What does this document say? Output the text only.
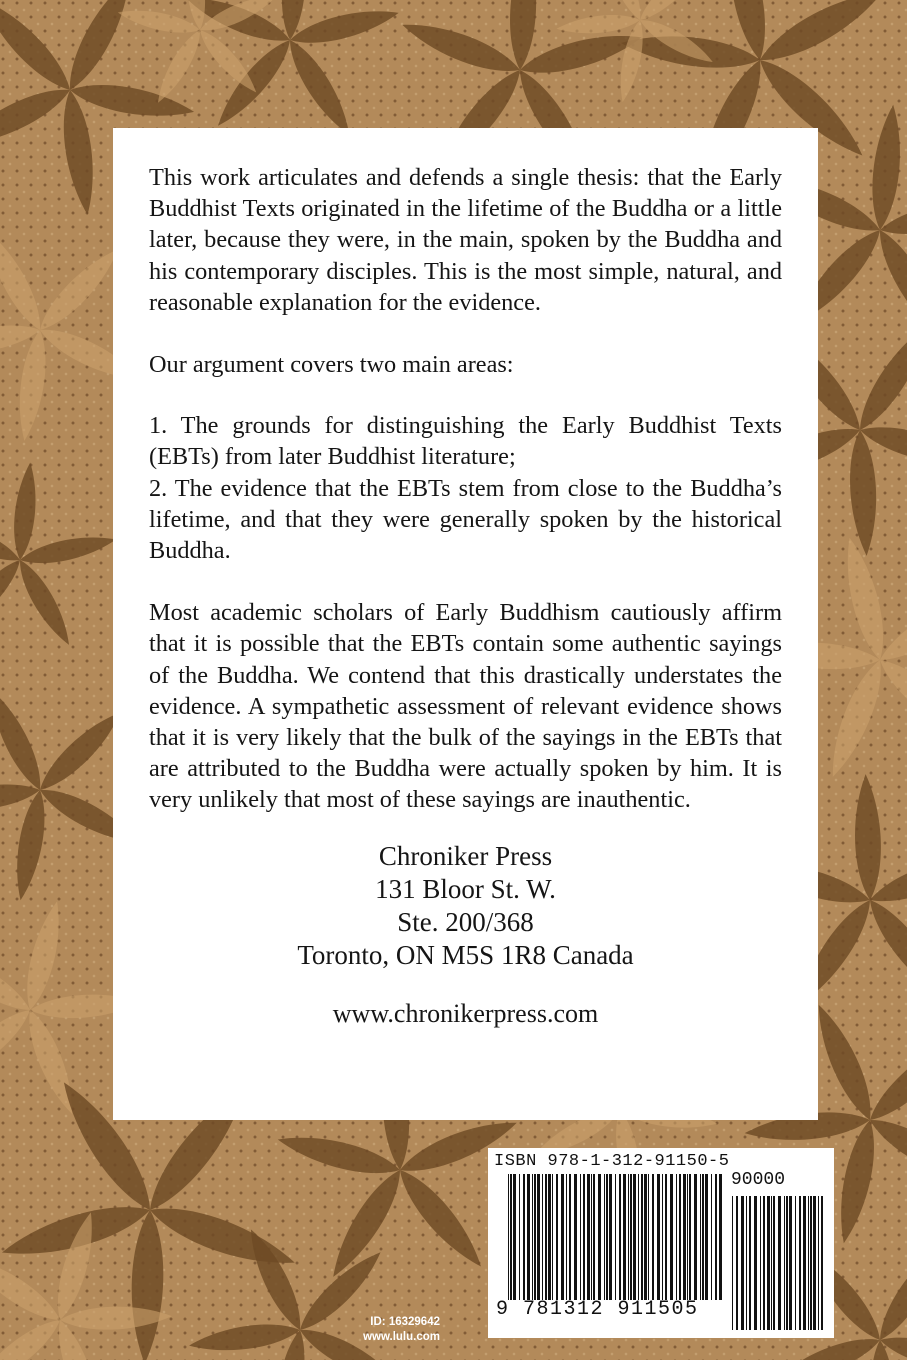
This work articulates and defends a single thesis: that the Early Buddhist Texts originated in the lifetime of the Buddha or a little later, because they were, in the main, spoken by the Buddha and his contemporary disciples. This is the most simple, natural, and reasonable explanation for the evidence.

Our argument covers two main areas:

1. The grounds for distinguishing the Early Buddhist Texts (EBTs) from later Buddhist literature;

2. The evidence that the EBTs stem from close to the Buddha’s lifetime, and that they were generally spoken by the historical Buddha.

Most academic scholars of Early Buddhism cautiously affirm that it is possible that the EBTs contain some authentic sayings of the Buddha. We contend that this drastically understates the evidence. A sympathetic assessment of relevant evidence shows that it is very likely that the bulk of the sayings in the EBTs that are attributed to the Buddha were actually spoken by him. It is very unlikely that most of these sayings are inauthentic.

Chroniker Press
131 Bloor St. W.
Ste. 200/368
Toronto, ON M5S 1R8 Canada
www.chronikerpress.com
ID: 16329642
www.lulu.com
ISBN 978-1-312-91150-5
90000
9 781312 911505
